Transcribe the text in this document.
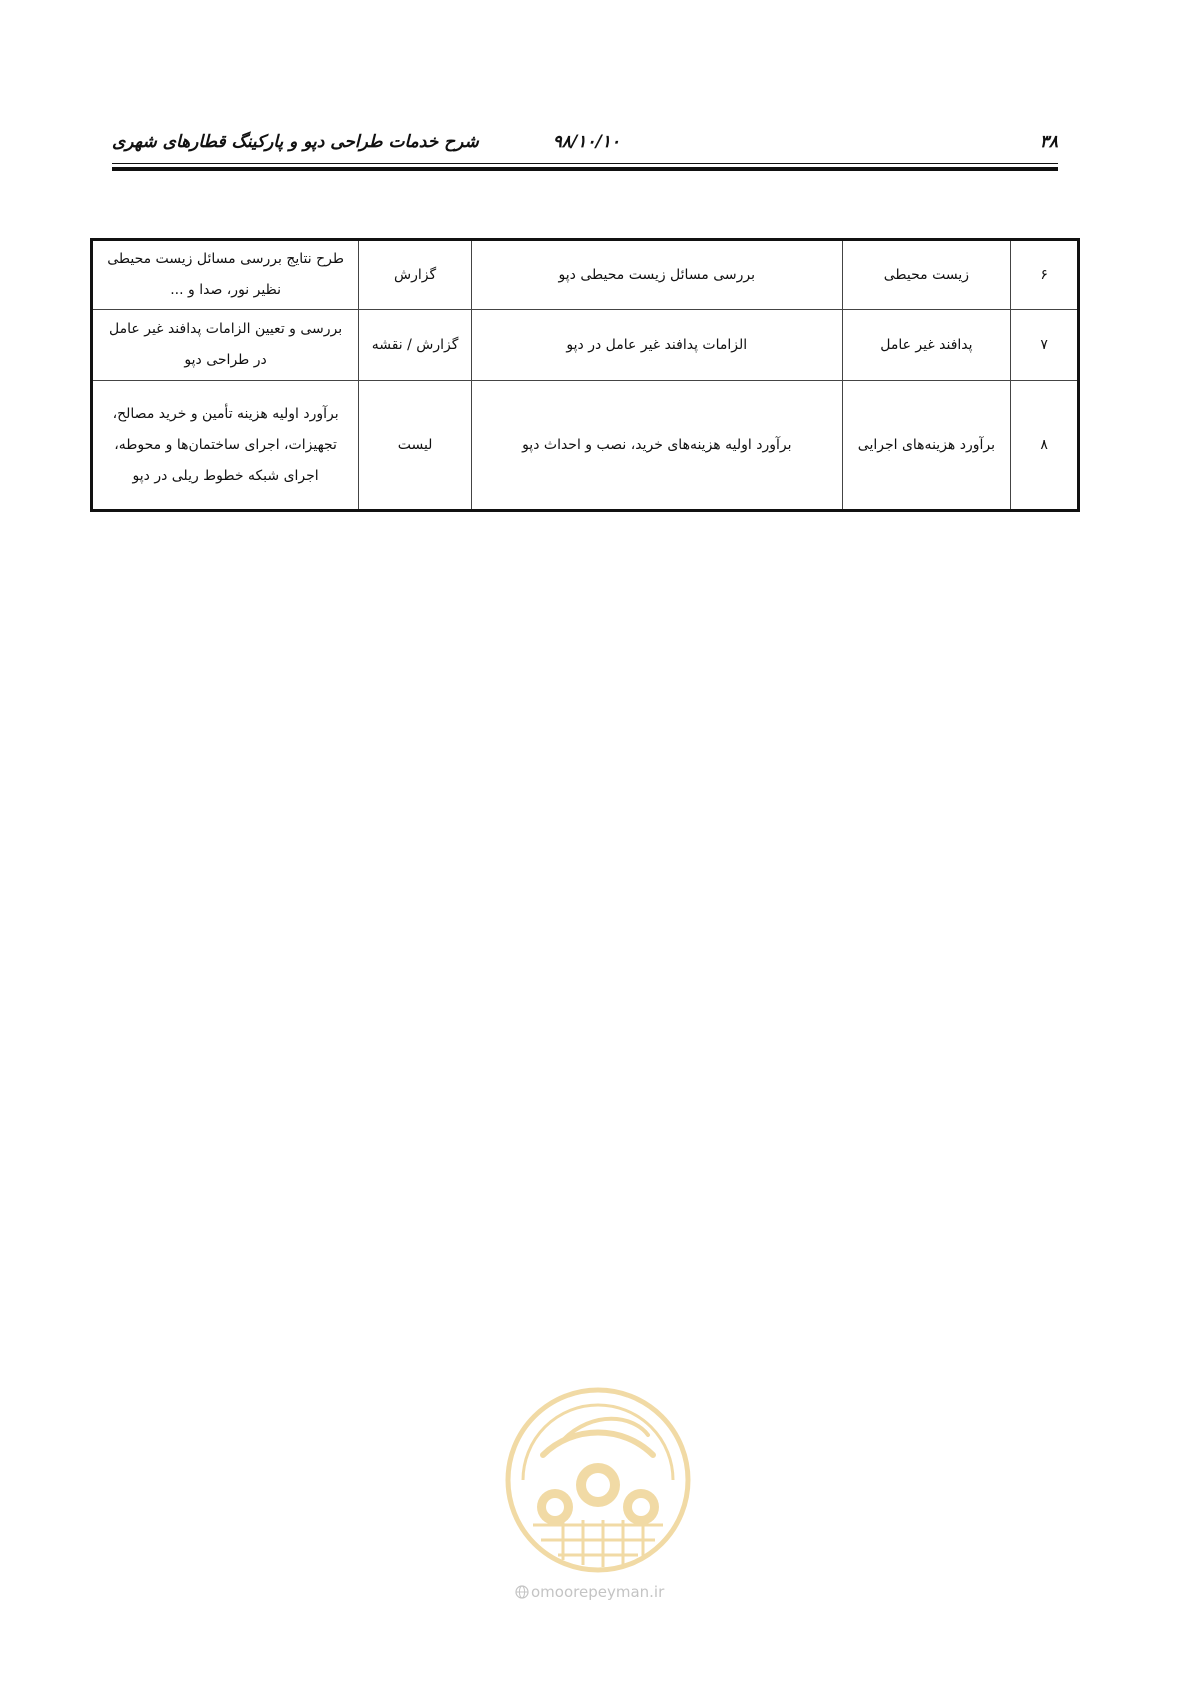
۳۸
۹۸/۱۰/۱۰
شرح خدمات طراحی دپو و پارکینگ قطارهای شهری
۶	زیست محیطی	بررسی مسائل زیست محیطی دپو	گزارش	طرح نتایج بررسی مسائل زیست محیطی نظیر نور، صدا و ...
۷	پدافند غیر عامل	الزامات پدافند غیر عامل در دپو	گزارش / نقشه	بررسی و تعیین الزامات پدافند غیر عامل در طراحی دپو
۸	برآورد هزینه‌های اجرایی	برآورد اولیه هزینه‌های خرید، نصب و احداث دپو	لیست	برآورد اولیه هزینه تأمین و خرید مصالح، تجهیزات، اجرای ساختمان‌ها و محوطه، اجرای شبکه خطوط ریلی در دپو
omoorepeyman.ir
